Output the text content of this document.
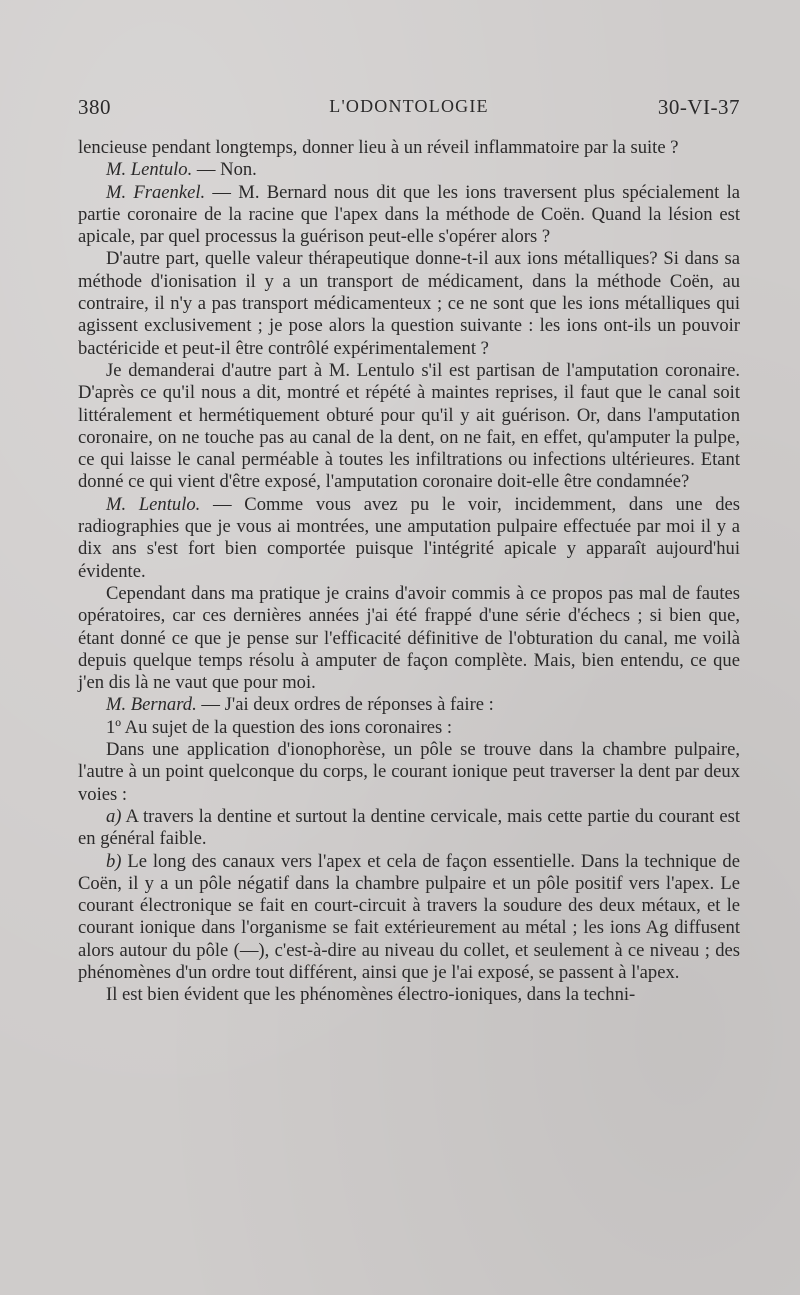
380	L'ODONTOLOGIE	30-VI-37

lencieuse pendant longtemps, donner lieu à un réveil inflammatoire par la suite ?

M. Lentulo. — Non.

M. Fraenkel. — M. Bernard nous dit que les ions traversent plus spécialement la partie coronaire de la racine que l'apex dans la méthode de Coën. Quand la lésion est apicale, par quel processus la guérison peut-elle s'opérer alors ?

D'autre part, quelle valeur thérapeutique donne-t-il aux ions métalliques? Si dans sa méthode d'ionisation il y a un transport de médicament, dans la méthode Coën, au contraire, il n'y a pas transport médicamenteux ; ce ne sont que les ions métalliques qui agissent exclusivement ; je pose alors la question suivante : les ions ont-ils un pouvoir bactéricide et peut-il être contrôlé expérimentalement ?

Je demanderai d'autre part à M. Lentulo s'il est partisan de l'amputation coronaire. D'après ce qu'il nous a dit, montré et répété à maintes reprises, il faut que le canal soit littéralement et hermétiquement obturé pour qu'il y ait guérison. Or, dans l'amputation coronaire, on ne touche pas au canal de la dent, on ne fait, en effet, qu'amputer la pulpe, ce qui laisse le canal perméable à toutes les infiltrations ou infections ultérieures. Etant donné ce qui vient d'être exposé, l'amputation coronaire doit-elle être condamnée?

M. Lentulo. — Comme vous avez pu le voir, incidemment, dans une des radiographies que je vous ai montrées, une amputation pulpaire effectuée par moi il y a dix ans s'est fort bien comportée puisque l'intégrité apicale y apparaît aujourd'hui évidente.

Cependant dans ma pratique je crains d'avoir commis à ce propos pas mal de fautes opératoires, car ces dernières années j'ai été frappé d'une série d'échecs ; si bien que, étant donné ce que je pense sur l'efficacité définitive de l'obturation du canal, me voilà depuis quelque temps résolu à amputer de façon complète. Mais, bien entendu, ce que j'en dis là ne vaut que pour moi.

M. Bernard. — J'ai deux ordres de réponses à faire :

1º Au sujet de la question des ions coronaires :

Dans une application d'ionophorèse, un pôle se trouve dans la chambre pulpaire, l'autre à un point quelconque du corps, le courant ionique peut traverser la dent par deux voies :

a) A travers la dentine et surtout la dentine cervicale, mais cette partie du courant est en général faible.

b) Le long des canaux vers l'apex et cela de façon essentielle. Dans la technique de Coën, il y a un pôle négatif dans la chambre pulpaire et un pôle positif vers l'apex. Le courant électronique se fait en court-circuit à travers la soudure des deux métaux, et le courant ionique dans l'organisme se fait extérieurement au métal ; les ions Ag diffusent alors autour du pôle (—), c'est-à-dire au niveau du collet, et seulement à ce niveau ; des phénomènes d'un ordre tout différent, ainsi que je l'ai exposé, se passent à l'apex.

Il est bien évident que les phénomènes électro-ioniques, dans la techni-
